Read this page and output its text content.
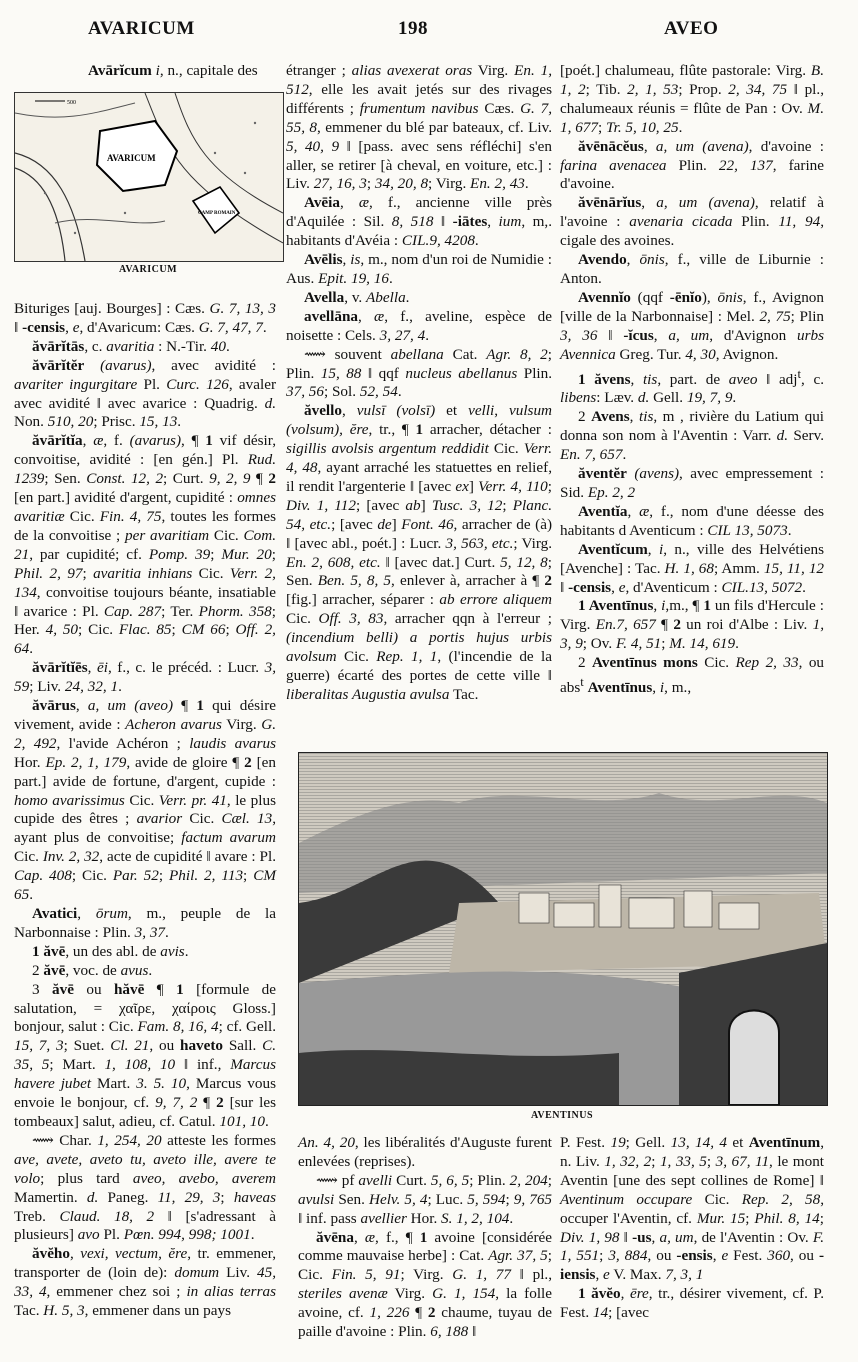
AVARICUM	198	AVEO
Avārĭcum i, n., capitale des
AVARICUM
CAMP ROMAIN
500
AVARICUM

Bituriges [auj. Bourges] : Cæs. G. 7, 13, 3 ‖ -censis, e, d'Avaricum: Cæs. G. 7, 47, 7.

ăvārĭtās, c. avaritia : N.-Tir. 40.

ăvārĭtĕr (avarus), avec avidité : avariter ingurgitare Pl. Curc. 126, avaler avec avidité ‖ avec avarice : Quadrig. d. Non. 510, 20; Prisc. 15, 13.

ăvārĭtĭa, æ, f. (avarus), ¶ 1 vif désir, convoitise, avidité : [en gén.] Pl. Rud. 1239; Sen. Const. 12, 2; Curt. 9, 2, 9 ¶ 2 [en part.] avidité d'argent, cupidité : omnes avaritiæ Cic. Fin. 4, 75, toutes les formes de la convoitise ; per avaritiam Cic. Com. 21, par cupidité; cf. Pomp. 39; Mur. 20; Phil. 2, 97; avaritia inhians Cic. Verr. 2, 134, convoitise toujours béante, insatiable ‖ avarice : Pl. Cap. 287; Ter. Phorm. 358; Her. 4, 50; Cic. Flac. 85; CM 66; Off. 2, 64.

ăvārĭtĭēs, ēi, f., c. le précéd. : Lucr. 3, 59; Liv. 24, 32, 1.

ăvārus, a, um (aveo) ¶ 1 qui désire vivement, avide : Acheron avarus Virg. G. 2, 492, l'avide Achéron ; laudis avarus Hor. Ep. 2, 1, 179, avide de gloire ¶ 2 [en part.] avide de fortune, d'argent, cupide : homo avarissimus Cic. Verr. pr. 41, le plus cupide des êtres ; avarior Cic. Cæl. 13, ayant plus de convoitise; factum avarum Cic. Inv. 2, 32, acte de cupidité ‖ avare : Pl. Cap. 408; Cic. Par. 52; Phil. 2, 113; CM 65.

Avatici, ōrum, m., peuple de la Narbonnaise : Plin. 3, 37.

1 ăvē, un des abl. de avis.

2 ăvē, voc. de avus.

3 ăvē ou hăvē ¶ 1 [formule de salutation, = χαῖρε, χαίροις Gloss.] bonjour, salut : Cic. Fam. 8, 16, 4; cf. Gell. 15, 7, 3; Suet. Cl. 21, ou haveto Sall. C. 35, 5; Mart. 1, 108, 10 ‖ inf., Marcus havere jubet Mart. 3. 5. 10, Marcus vous envoie le bonjour, cf. 9, 7, 2 ¶ 2 [sur les tombeaux] salut, adieu, cf. Catul. 101, 10.

⟿ Char. 1, 254, 20 atteste les formes ave, avete, aveto tu, aveto ille, avere te volo; plus tard aveo, avebo, averem Mamertin. d. Paneg. 11, 29, 3; haveas Treb. Claud. 18, 2 ‖ [s'adressant à plusieurs] avo Pl. Pœn. 994, 998; 1001.

ăvĕho, vexi, vectum, ĕre, tr. emmener, transporter de (loin de): domum Liv. 45, 33, 4, emmener chez soi ; in alias terras Tac. H. 5, 3, emmener dans un pays

étranger ; alias avexerat oras Virg. En. 1, 512, elle les avait jetés sur des rivages différents ; frumentum navibus Cæs. G. 7, 55, 8, emmener du blé par bateaux, cf. Liv. 5, 40, 9 ‖ [pass. avec sens réfléchi] s'en aller, se retirer [à cheval, en voiture, etc.] : Liv. 27, 16, 3; 34, 20, 8; Virg. En. 2, 43.

Avēia, æ, f., ancienne ville près d'Aquilée : Sil. 8, 518 ‖ -iātes, ium, m,. habitants d'Avéia : CIL.9, 4208.

Avēlis, is, m., nom d'un roi de Numidie : Aus. Epit. 19, 16.

Avella, v. Abella.

avellāna, æ, f., aveline, espèce de noisette : Cels. 3, 27, 4.

⟿ souvent abellana Cat. Agr. 8, 2; Plin. 15, 88 ‖ qqf nucleus abellanus Plin. 37, 56; Sol. 52, 54.

ăvello, vulsī (volsī) et velli, vulsum (volsum), ĕre, tr., ¶ 1 arracher, détacher : sigillis avolsis argentum reddidit Cic. Verr. 4, 48, ayant arraché les statuettes en relief, il rendit l'argenterie ‖ [avec ex] Verr. 4, 110; Div. 1, 112; [avec ab] Tusc. 3, 12; Planc. 54, etc.; [avec de] Font. 46, arracher de (à) ‖ [avec abl., poét.] : Lucr. 3, 563, etc.; Virg. En. 2, 608, etc. ‖ [avec dat.] Curt. 5, 12, 8; Sen. Ben. 5, 8, 5, enlever à, arracher à ¶ 2 [fig.] arracher, séparer : ab errore aliquem Cic. Off. 3, 83, arracher qqn à l'erreur ; (incendium belli) a portis hujus urbis avolsum Cic. Rep. 1, 1, (l'incendie de la guerre) écarté des portes de cette ville ‖ liberalitas Augustia avulsa Tac.

[poét.] chalumeau, flûte pastorale: Virg. B. 1, 2; Tib. 2, 1, 53; Prop. 2, 34, 75 ‖ pl., chalumeaux réunis = flûte de Pan : Ov. M. 1, 677; Tr. 5, 10, 25.

ăvēnācĕus, a, um (avena), d'avoine : farina avenacea Plin. 22, 137, farine d'avoine.

ăvēnārĭus, a, um (avena), relatif à l'avoine : avenaria cicada Plin. 11, 94, cigale des avoines.

Avendo, ōnis, f., ville de Liburnie : Anton.

Avennĭo (qqf -ēnĭo), ōnis, f., Avignon [ville de la Narbonnaise] : Mel. 2, 75; Plin 3, 36 ‖ -ĭcus, a, um, d'Avignon urbs Avennica Greg. Tur. 4, 30, Avignon.

1 ăvens, tis, part. de aveo ‖ adj$^t$, c. libens: Læv. d. Gell. 19, 7, 9.

2 Avens, tis, m , rivière du Latium qui donna son nom à l'Aventin : Varr. d. Serv. En. 7, 657.

ăventĕr (avens), avec empressement : Sid. Ep. 2, 2

Aventĭa, æ, f., nom d'une déesse des habitants d Aventicum : CIL 13, 5073.

Aventĭcum, i, n., ville des Helvétiens [Avenche] : Tac. H. 1, 68; Amm. 15, 11, 12 ‖ -censis, e, d'Aventicum : CIL.13, 5072.

1 Aventīnus, i,m., ¶ 1 un fils d'Hercule : Virg. En.7, 657 ¶ 2 un roi d'Albe : Liv. 1, 3, 9; Ov. F. 4, 51; M. 14, 619.

2 Aventīnus mons Cic. Rep 2, 33, ou abs$^t$ Aventīnus, i, m.,

AVENTINUS

An. 4, 20, les libéralités d'Auguste furent enlevées (reprises).

⟿ pf avelli Curt. 5, 6, 5; Plin. 2, 204; avulsi Sen. Helv. 5, 4; Luc. 5, 594; 9, 765 ‖ inf. pass avellier Hor. S. 1, 2, 104.

ăvēna, æ, f., ¶ 1 avoine [considérée comme mauvaise herbe] : Cat. Agr. 37, 5; Cic. Fin. 5, 91; Virg. G. 1, 77 ‖ pl., steriles avenæ Virg. G. 1, 154, la folle avoine, cf. 1, 226 ¶ 2 chaume, tuyau de paille d'avoine : Plin. 6, 188 ‖

P. Fest. 19; Gell. 13, 14, 4 et Aventīnum, n. Liv. 1, 32, 2; 1, 33, 5; 3, 67, 11, le mont Aventin [une des sept collines de Rome] ‖ Aventinum occupare Cic. Rep. 2, 58, occuper l'Aventin, cf. Mur. 15; Phil. 8, 14; Div. 1, 98 ‖ -us, a, um, de l'Aventin : Ov. F. 1, 551; 3, 884, ou -ensis, e Fest. 360, ou -iensis, e V. Max. 7, 3, 1

1 ăvĕo, ēre, tr., désirer vivement, cf. P. Fest. 14; [avec
